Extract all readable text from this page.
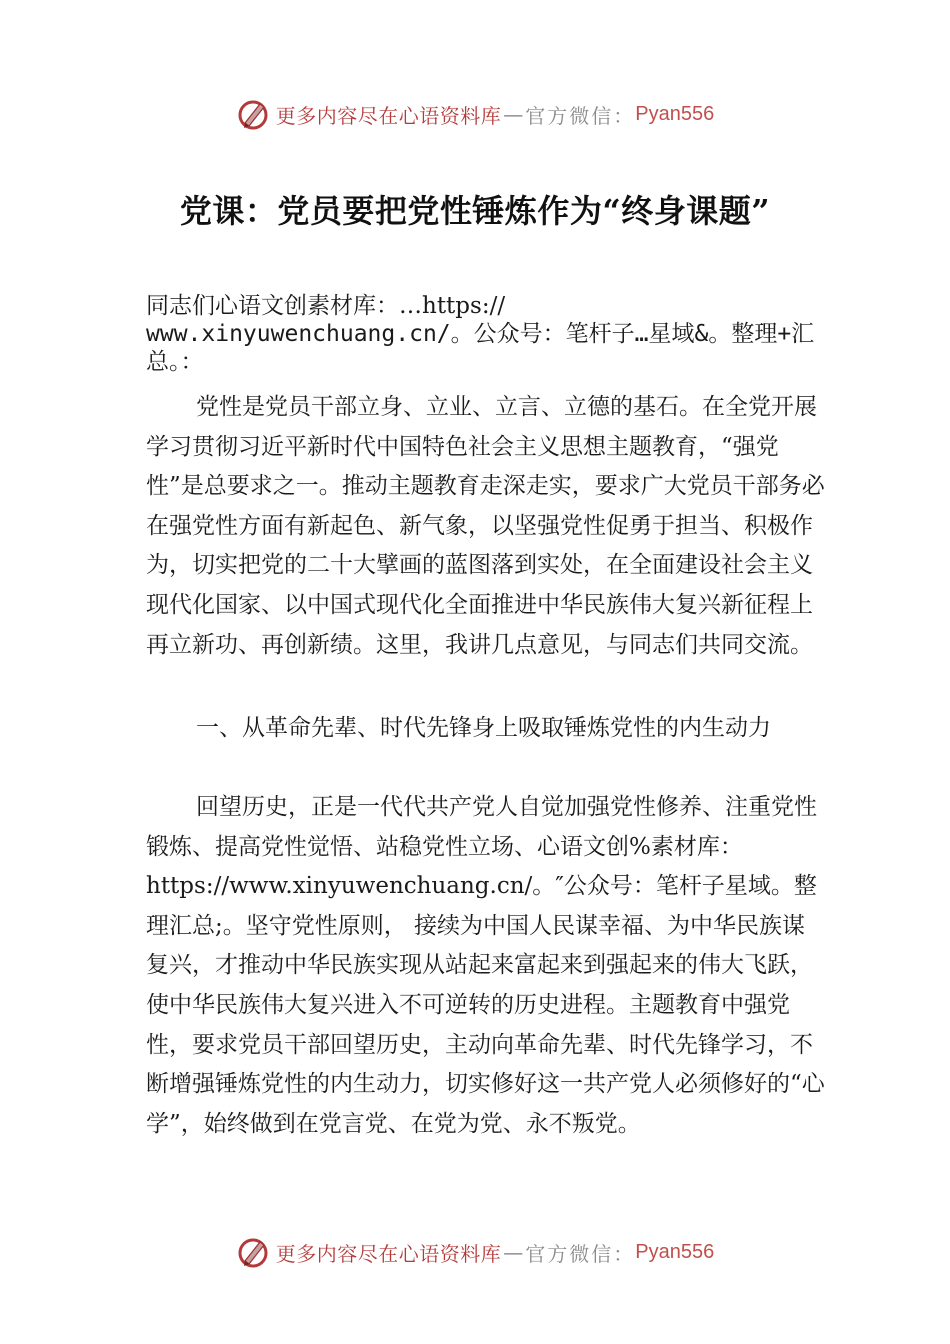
更多内容尽在心语资料库 — 官方微信： Pyan556
党课：党员要把党性锤炼作为“终身课题”
同志们心语文创素材库：…https://
www.xinyuwenchuang.cn/。公众号：笔杆子…星域&。整理+汇总。：
党性是党员干部立身、立业、立言、立德的基石。在全党开展学习贯彻习近平新时代中国特色社会主义思想主题教育，“强党性”是总要求之一。推动主题教育走深走实，要求广大党员干部务必在强党性方面有新起色、新气象，以坚强党性促勇于担当、积极作为，切实把党的二十大擘画的蓝图落到实处，在全面建设社会主义现代化国家、以中国式现代化全面推进中华民族伟大复兴新征程上再立新功、再创新绩。这里，我讲几点意见，与同志们共同交流。
一、从革命先辈、时代先锋身上吸取锤炼党性的内生动力
回望历史，正是一代代共产党人自觉加强党性修养、注重党性锻炼、提高党性觉悟、站稳党性立场、心语文创%素材库：https://www.xinyuwenchuang.cn/。″公众号：笔杆子星域。整理汇总;。坚守党性原则， 接续为中国人民谋幸福、为中华民族谋复兴，才推动中华民族实现从站起来富起来到强起来的伟大飞跃，使中华民族伟大复兴进入不可逆转的历史进程。主题教育中强党性，要求党员干部回望历史，主动向革命先辈、时代先锋学习，不断增强锤炼党性的内生动力，切实修好这一共产党人必须修好的“心学”，始终做到在党言党、在党为党、永不叛党。
更多内容尽在心语资料库 — 官方微信： Pyan556
